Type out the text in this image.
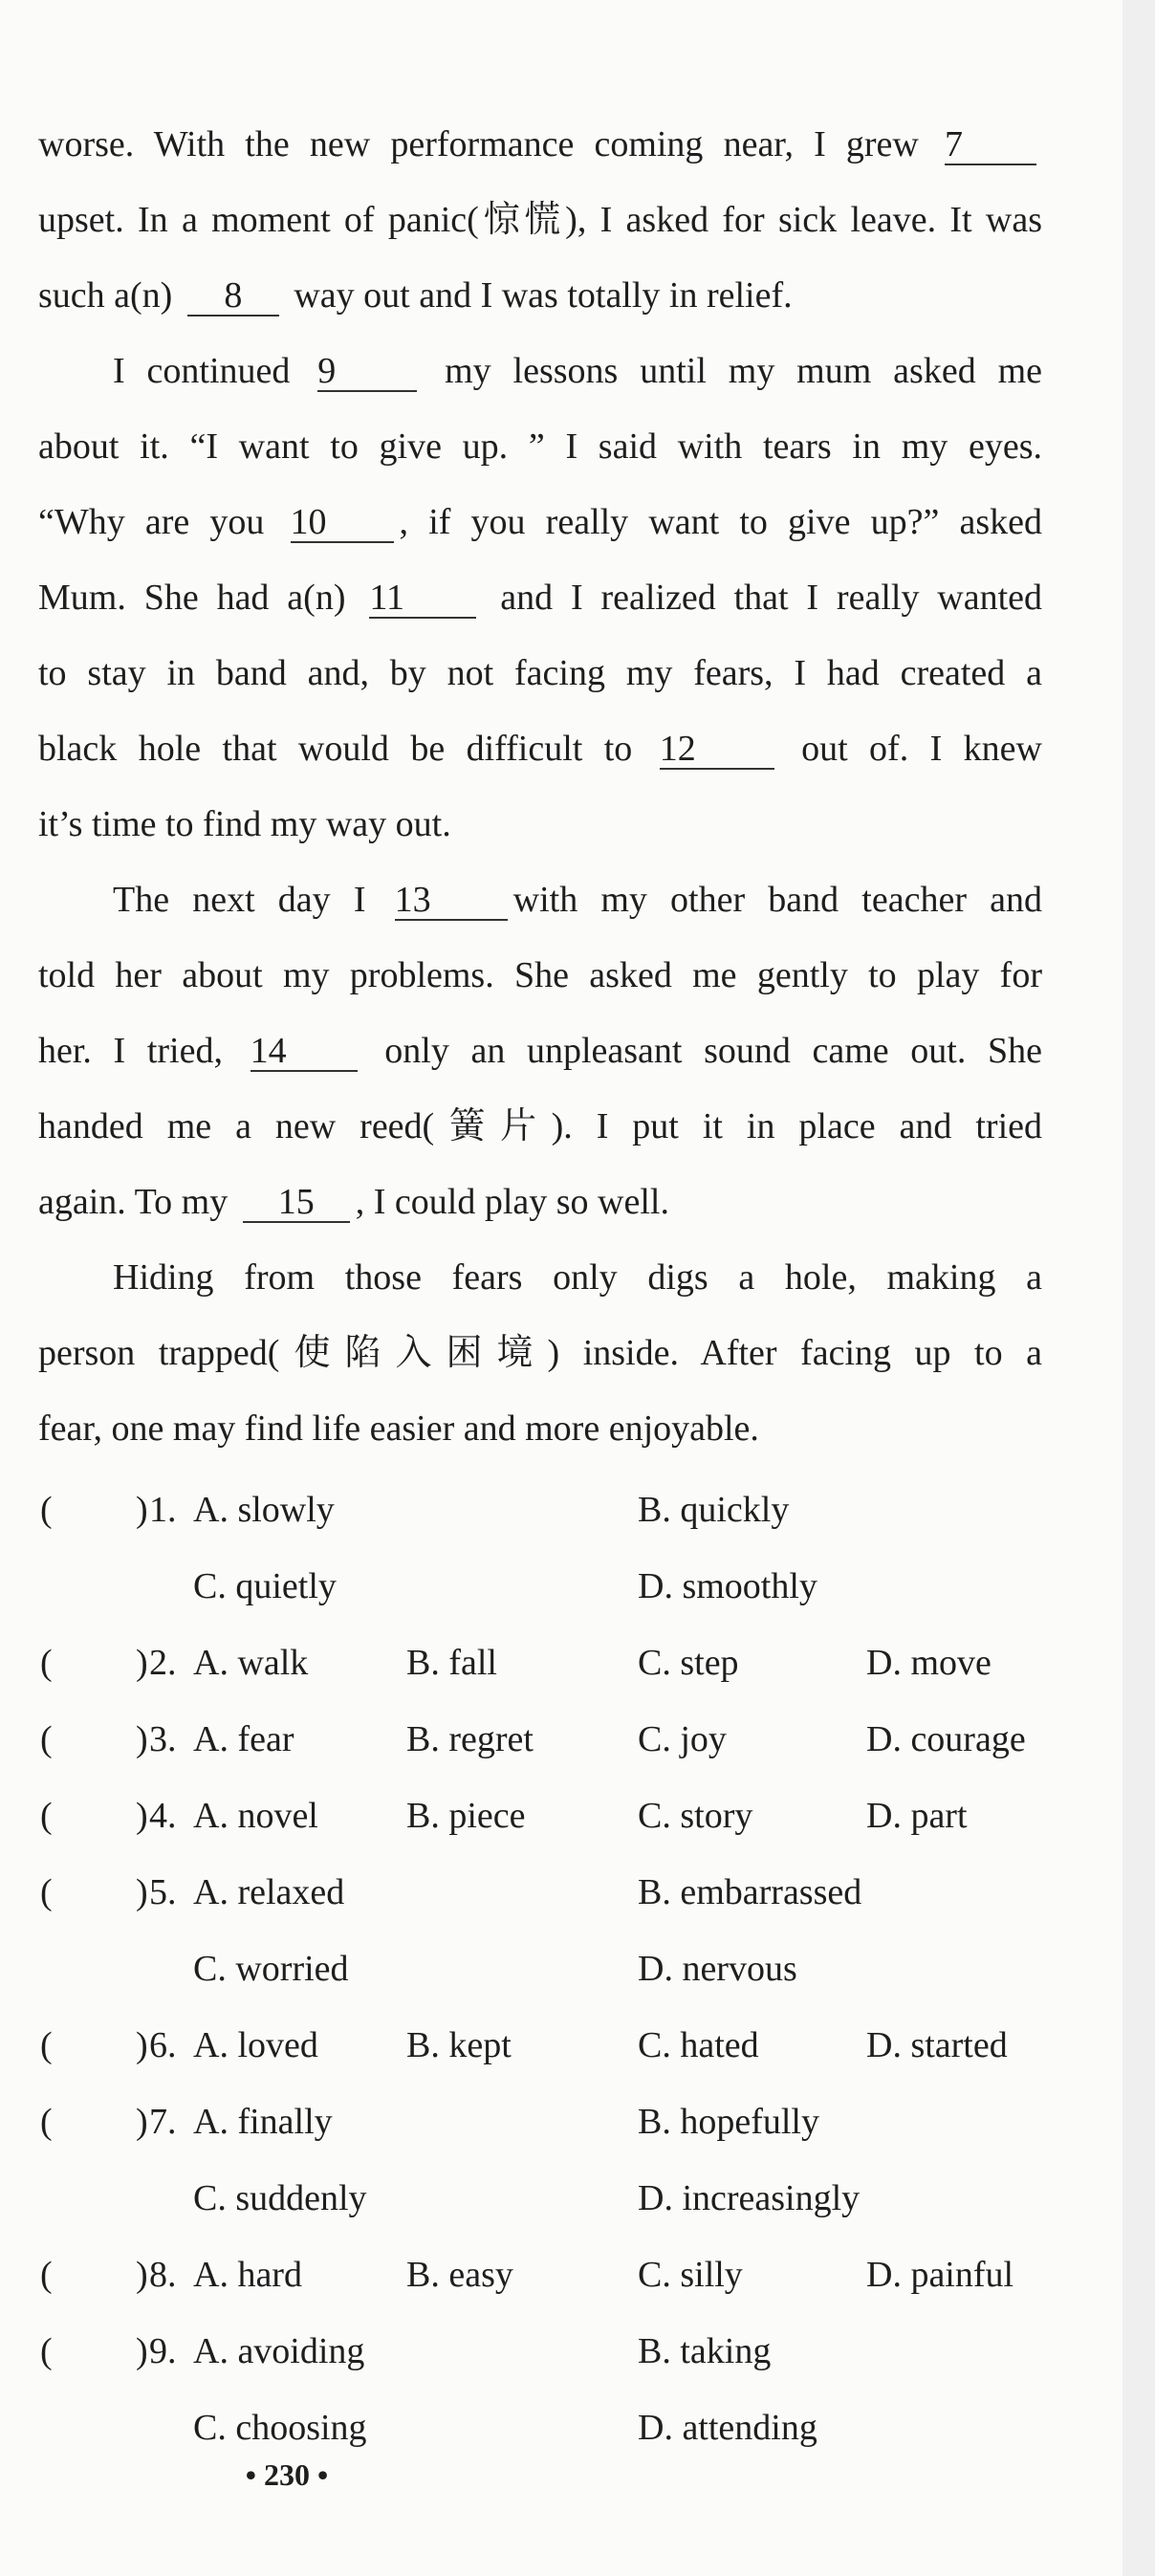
worse. With the new performance coming near, I grew 7
upset. In a moment of panic(惊慌), I asked for sick leave. It was
such a(n) 8 way out and I was totally in relief.
I continued 9	my lessons until my mum asked me
about it. “I want to give up. ” I said with tears in my eyes.
“Why are you 10 , if you really want to give up?” asked
Mum. She had a(n) 11	and I realized that I really wanted
to stay in band and, by not facing my fears, I had created a
black hole that would be difficult to 12	out of. I knew
it’s time to find my way out.
The next day I 13 with my other band teacher and
told her about my problems. She asked me gently to play for
her. I tried, 14	only an unpleasant sound came out. She
handed me a new reed(簧片). I put it in place and tried
again. To my 15 , I could play so well.
Hiding from those fears only digs a hole, making a
person trapped(使陷入困境) inside. After facing up to a
fear, one may find life easier and more enjoyable.
( ) 1. A. slowly	B. quickly
C. quietly	D. smoothly
( ) 2. A. walk	B. fall	C. step	D. move
( ) 3. A. fear	B. regret	C. joy	D. courage
( ) 4. A. novel B. piece	C. story	D. part
( ) 5. A. relaxed	B. embarrassed
C. worried	D. nervous
( ) 6. A. loved B. kept	C. hated	D. started
( ) 7. A. finally	B. hopefully
C. suddenly	D. increasingly
( ) 8. A. hard	B. easy	C. silly	D. painful
( ) 9. A. avoiding	B. taking
C. choosing	D. attending
• 230 •
